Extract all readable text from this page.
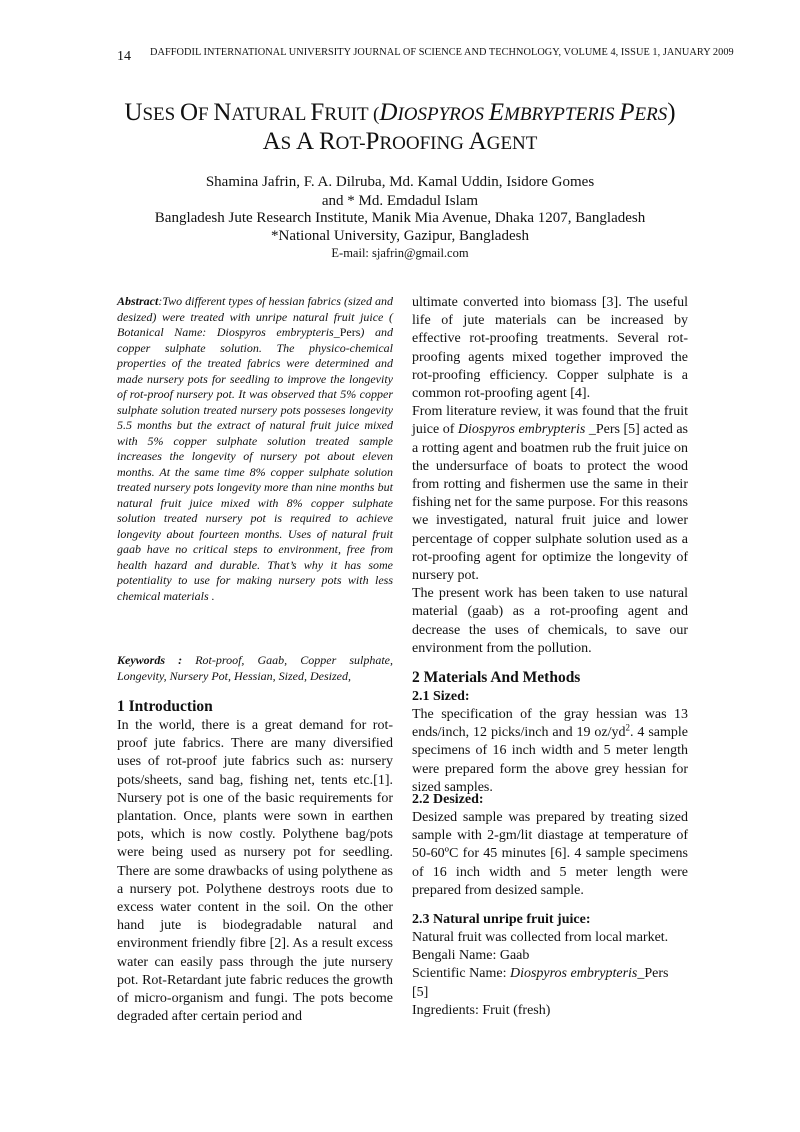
14 DAFFODIL INTERNATIONAL UNIVERSITY JOURNAL OF SCIENCE AND TECHNOLOGY, VOLUME 4, ISSUE 1, JANUARY 2009
USES OF NATURAL FRUIT (DIOSPYROS EMBRYPTERIS PERS)
AS A ROT-PROOFING AGENT
Shamina Jafrin, F. A. Dilruba, Md. Kamal Uddin, Isidore Gomes
and * Md. Emdadul Islam
Bangladesh Jute Research Institute, Manik Mia Avenue, Dhaka 1207, Bangladesh
*National University, Gazipur, Bangladesh
E-mail: sjafrin@gmail.com
Abstract:Two different types of hessian fabrics (sized and desized) were treated with unripe natural fruit juice ( Botanical Name: Diospyros embrypteris_Pers) and copper sulphate solution. The physico-chemical properties of the treated fabrics were determined and made nursery pots for seedling to improve the longevity of rot-proof nursery pot. It was observed that 5% copper sulphate solution treated nursery pots posseses longevity 5.5 months but the extract of natural fruit juice mixed with 5% copper sulphate solution treated sample increases the longevity of nursery pot about eleven months. At the same time 8% copper sulphate solution treated nursery pots longevity more than nine months but natural fruit juice mixed with 8% copper sulphate solution treated nursery pot is required to achieve longevity about fourteen months. Uses of natural fruit gaab have no critical steps to environment, free from health hazard and durable. That’s why it has some potentiality to use for making nursery pots with less chemical materials .
Keywords : Rot-proof, Gaab, Copper sulphate, Longevity, Nursery Pot, Hessian, Sized, Desized,
1 Introduction
In the world, there is a great demand for rot-proof jute fabrics. There are many diversified uses of rot-proof jute fabrics such as: nursery pots/sheets, sand bag, fishing net, tents etc.[1]. Nursery pot is one of the basic requirements for plantation. Once, plants were sown in earthen pots, which is now costly. Polythene bag/pots were being used as nursery pot for seedling. There are some drawbacks of using polythene as a nursery pot. Polythene destroys roots due to excess water content in the soil. On the other hand jute is biodegradable natural and environment friendly fibre [2]. As a result excess water can easily pass through the jute nursery pot. Rot-Retardant jute fabric reduces the growth of micro-organism and fungi. The pots become degraded after certain period and

ultimate converted into biomass [3]. The useful life of jute materials can be increased by effective rot-proofing treatments. Several rot-proofing agents mixed together improved the rot-proofing efficiency. Copper sulphate is a common rot-proofing agent [4].

From literature review, it was found that the fruit juice of Diospyros embrypteris _Pers [5] acted as a rotting agent and boatmen rub the fruit juice on the undersurface of boats to protect the wood from rotting and fishermen use the same in their fishing net for the same purpose. For this reasons we investigated, natural fruit juice and lower percentage of copper sulphate solution used as a rot-proofing agent for optimize the longevity of nursery pot.

The present work has been taken to use natural material (gaab) as a rot-proofing agent and decrease the uses of chemicals, to save our environment from the pollution.

2 Materials And Methods
2.1 Sized:
The specification of the gray hessian was 13 ends/inch, 12 picks/inch and 19 $oz/yd^2$. 4 sample specimens of 16 inch width and 5 meter length were prepared form the above grey hessian for sized samples.
2.2 Desized:
Desized sample was prepared by treating sized sample with 2-gm/lit diastage at temperature of 50-60ºC for 45 minutes [6]. 4 sample specimens of 16 inch width and 5 meter length were prepared from desized sample.
2.3 Natural unripe fruit juice:
Natural fruit was collected from local market.
Bengali Name: Gaab
Scientific Name: Diospyros embrypteris_Pers
[5]
Ingredients: Fruit (fresh)
